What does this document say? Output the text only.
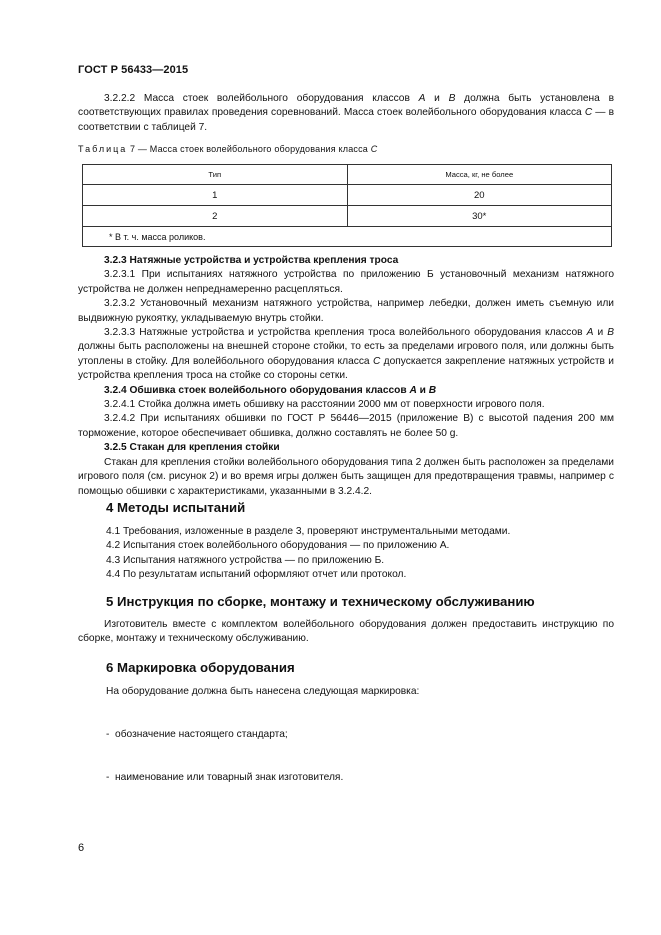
ГОСТ Р 56433—2015

3.2.2.2 Масса стоек волейбольного оборудования классов A и B должна быть установлена в соответствующих правилах проведения соревнований. Масса стоек волейбольного оборудования класса C — в соответствии с таблицей 7.

Таблица 7 — Масса стоек волейбольного оборудования класса C
Тип	Масса, кг, не более
1	20
2	30*
* В т. ч. масса роликов.	

3.2.3 Натяжные устройства и устройства крепления троса

3.2.3.1 При испытаниях натяжного устройства по приложению Б установочный механизм натяжного устройства не должен непреднамеренно расцепляться.

3.2.3.2 Установочный механизм натяжного устройства, например лебедки, должен иметь съемную или выдвижную рукоятку, укладываемую внутрь стойки.

3.2.3.3 Натяжные устройства и устройства крепления троса волейбольного оборудования классов A и B должны быть расположены на внешней стороне стойки, то есть за пределами игрового поля, или должны быть утоплены в стойку. Для волейбольного оборудования класса C допускается закрепление натяжных устройств и устройства крепления троса на стойке со стороны сетки.

3.2.4 Обшивка стоек волейбольного оборудования классов A и B

3.2.4.1 Стойка должна иметь обшивку на расстоянии 2000 мм от поверхности игрового поля.

3.2.4.2 При испытаниях обшивки по ГОСТ Р 56446—2015 (приложение В) с высотой падения 200 мм торможение, которое обеспечивает обшивка, должно составлять не более 50 g.

3.2.5 Стакан для крепления стойки

Стакан для крепления стойки волейбольного оборудования типа 2 должен быть расположен за пределами игрового поля (см. рисунок 2) и во время игры должен быть защищен для предотвращения травмы, например с помощью обшивки с характеристиками, указанными в 3.2.4.2.

4 Методы испытаний
4.1 Требования, изложенные в разделе 3, проверяют инструментальными методами.
4.2 Испытания стоек волейбольного оборудования — по приложению А.
4.3 Испытания натяжного устройства — по приложению Б.
4.4 По результатам испытаний оформляют отчет или протокол.
5 Инструкция по сборке, монтажу и техническому обслуживанию

Изготовитель вместе с комплектом волейбольного оборудования должен предоставить инструкцию по сборке, монтажу и техническому обслуживанию.

6 Маркировка оборудования
На оборудование должна быть нанесена следующая маркировка:

-  обозначение настоящего стандарта;

-  наименование или товарный знак изготовителя.

6
